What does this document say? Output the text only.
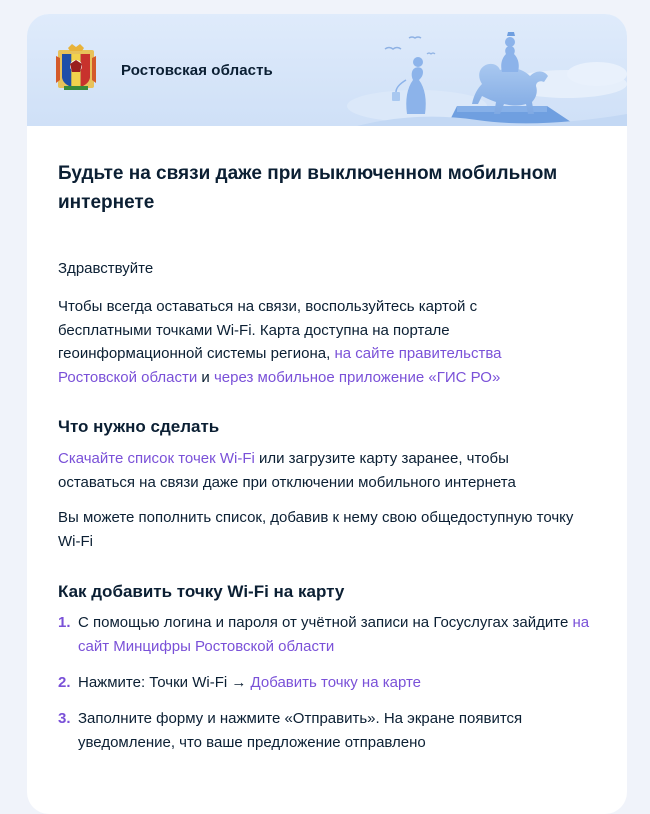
Ростовская область
Будьте на связи даже при выключенном мобильном интернете

Здравствуйте

Чтобы всегда оставаться на связи, воспользуйтесь картой с бесплатными точками Wi-Fi. Карта доступна на портале геоинформационной системы региона, на сайте правительства Ростовской области и через мобильное приложение «ГИС РО»

Что нужно сделать

Скачайте список точек Wi-Fi или загрузите карту заранее, чтобы оставаться на связи даже при отключении мобильного интернета

Вы можете пополнить список, добавив к нему свою общедоступную точку Wi-Fi

Как добавить точку Wi-Fi на карту
1. С помощью логина и пароля от учётной записи на Госуслугах зайдите на сайт Минцифры Ростовской области
2. Нажмите: Точки Wi-Fi → Добавить точку на карте
3. Заполните форму и нажмите «Отправить». На экране появится уведомление, что ваше предложение отправлено
